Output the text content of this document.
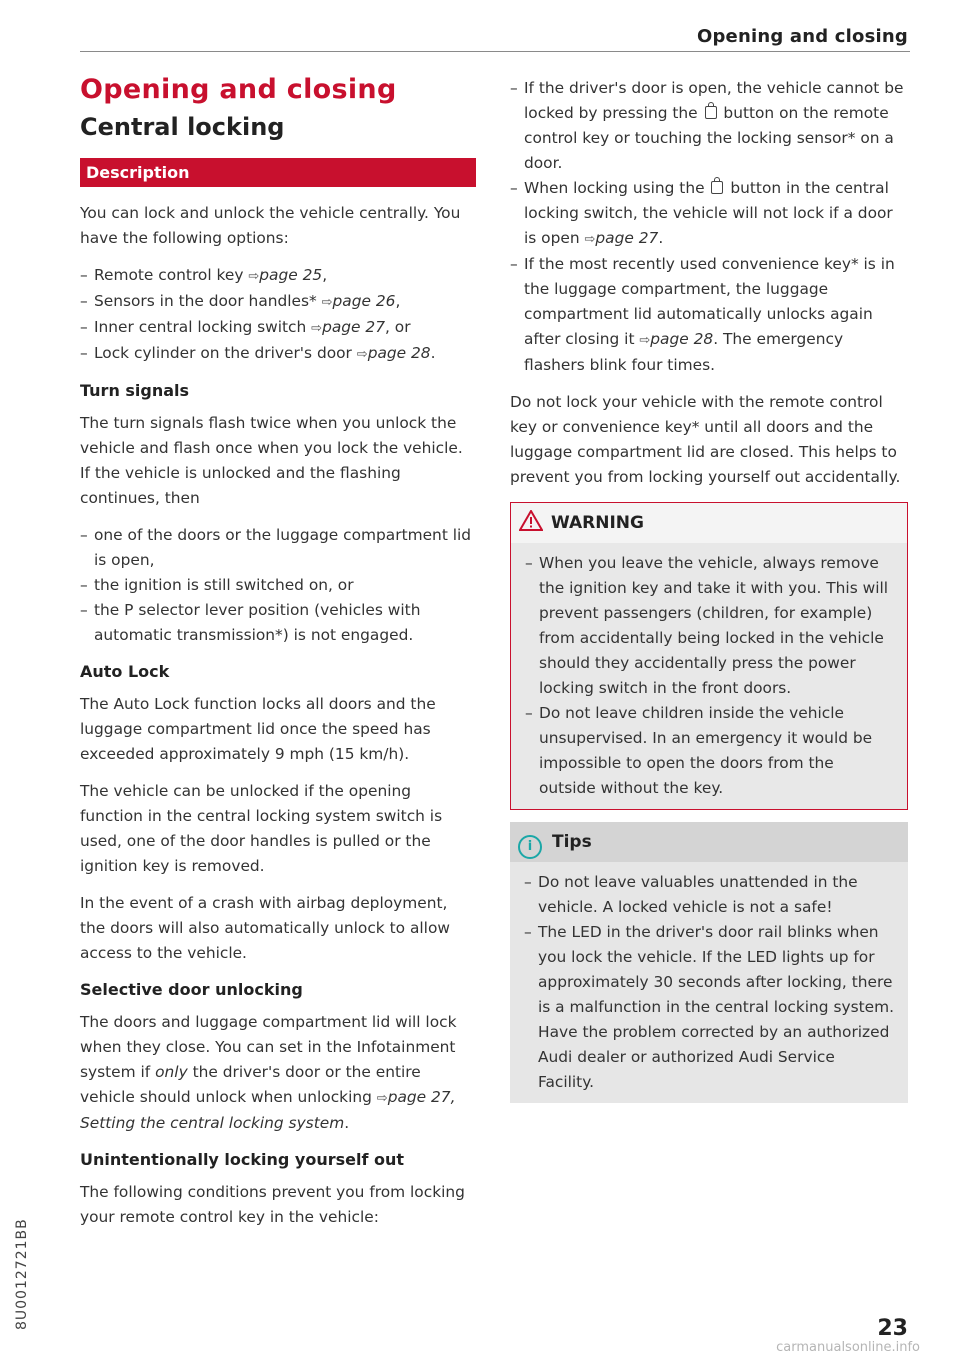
Opening and closing
Opening and closing
Central locking
Description

You can lock and unlock the vehicle centrally. You have the following options:

– Remote control key ⇨page 25,
– Sensors in the door handles* ⇨page 26,
– Inner central locking switch ⇨page 27, or
– Lock cylinder on the driver's door ⇨page 28.
Turn signals

The turn signals flash twice when you unlock the vehicle and flash once when you lock the vehicle. If the vehicle is unlocked and the flashing continues, then

– one of the doors or the luggage compartment lid is open,
– the ignition is still switched on, or
– the P selector lever position (vehicles with automatic transmission*) is not engaged.
Auto Lock

The Auto Lock function locks all doors and the luggage compartment lid once the speed has exceeded approximately 9 mph (15 km/h).

The vehicle can be unlocked if the opening function in the central locking system switch is used, one of the door handles is pulled or the ignition key is removed.

In the event of a crash with airbag deployment, the doors will also automatically unlock to allow access to the vehicle.

Selective door unlocking

The doors and luggage compartment lid will lock when they close. You can set in the Infotainment system if only the driver's door or the entire vehicle should unlock when unlocking ⇨page 27, Setting the central locking system.

Unintentionally locking yourself out

The following conditions prevent you from locking your remote control key in the vehicle:

– If the driver's door is open, the vehicle cannot be locked by pressing the  button on the remote control key or touching the locking sensor* on a door.
– When locking using the  button in the central locking switch, the vehicle will not lock if a door is open ⇨page 27.
– If the most recently used convenience key* is in the luggage compartment, the luggage compartment lid automatically unlocks again after closing it ⇨page 28. The emergency flashers blink four times.

Do not lock your vehicle with the remote control key or convenience key* until all doors and the luggage compartment lid are closed. This helps to prevent you from locking yourself out accidentally.

WARNING
– When you leave the vehicle, always remove the ignition key and take it with you. This will prevent passengers (children, for example) from accidentally being locked in the vehicle should they accidentally press the power locking switch in the front doors.
– Do not leave children inside the vehicle unsupervised. In an emergency it would be impossible to open the doors from the outside without the key.
i Tips
– Do not leave valuables unattended in the vehicle. A locked vehicle is not a safe!
– The LED in the driver's door rail blinks when you lock the vehicle. If the LED lights up for approximately 30 seconds after locking, there is a malfunction in the central locking system. Have the problem corrected by an authorized Audi dealer or authorized Audi Service Facility.
8U0012721BB	23
carmanualsonline.info
